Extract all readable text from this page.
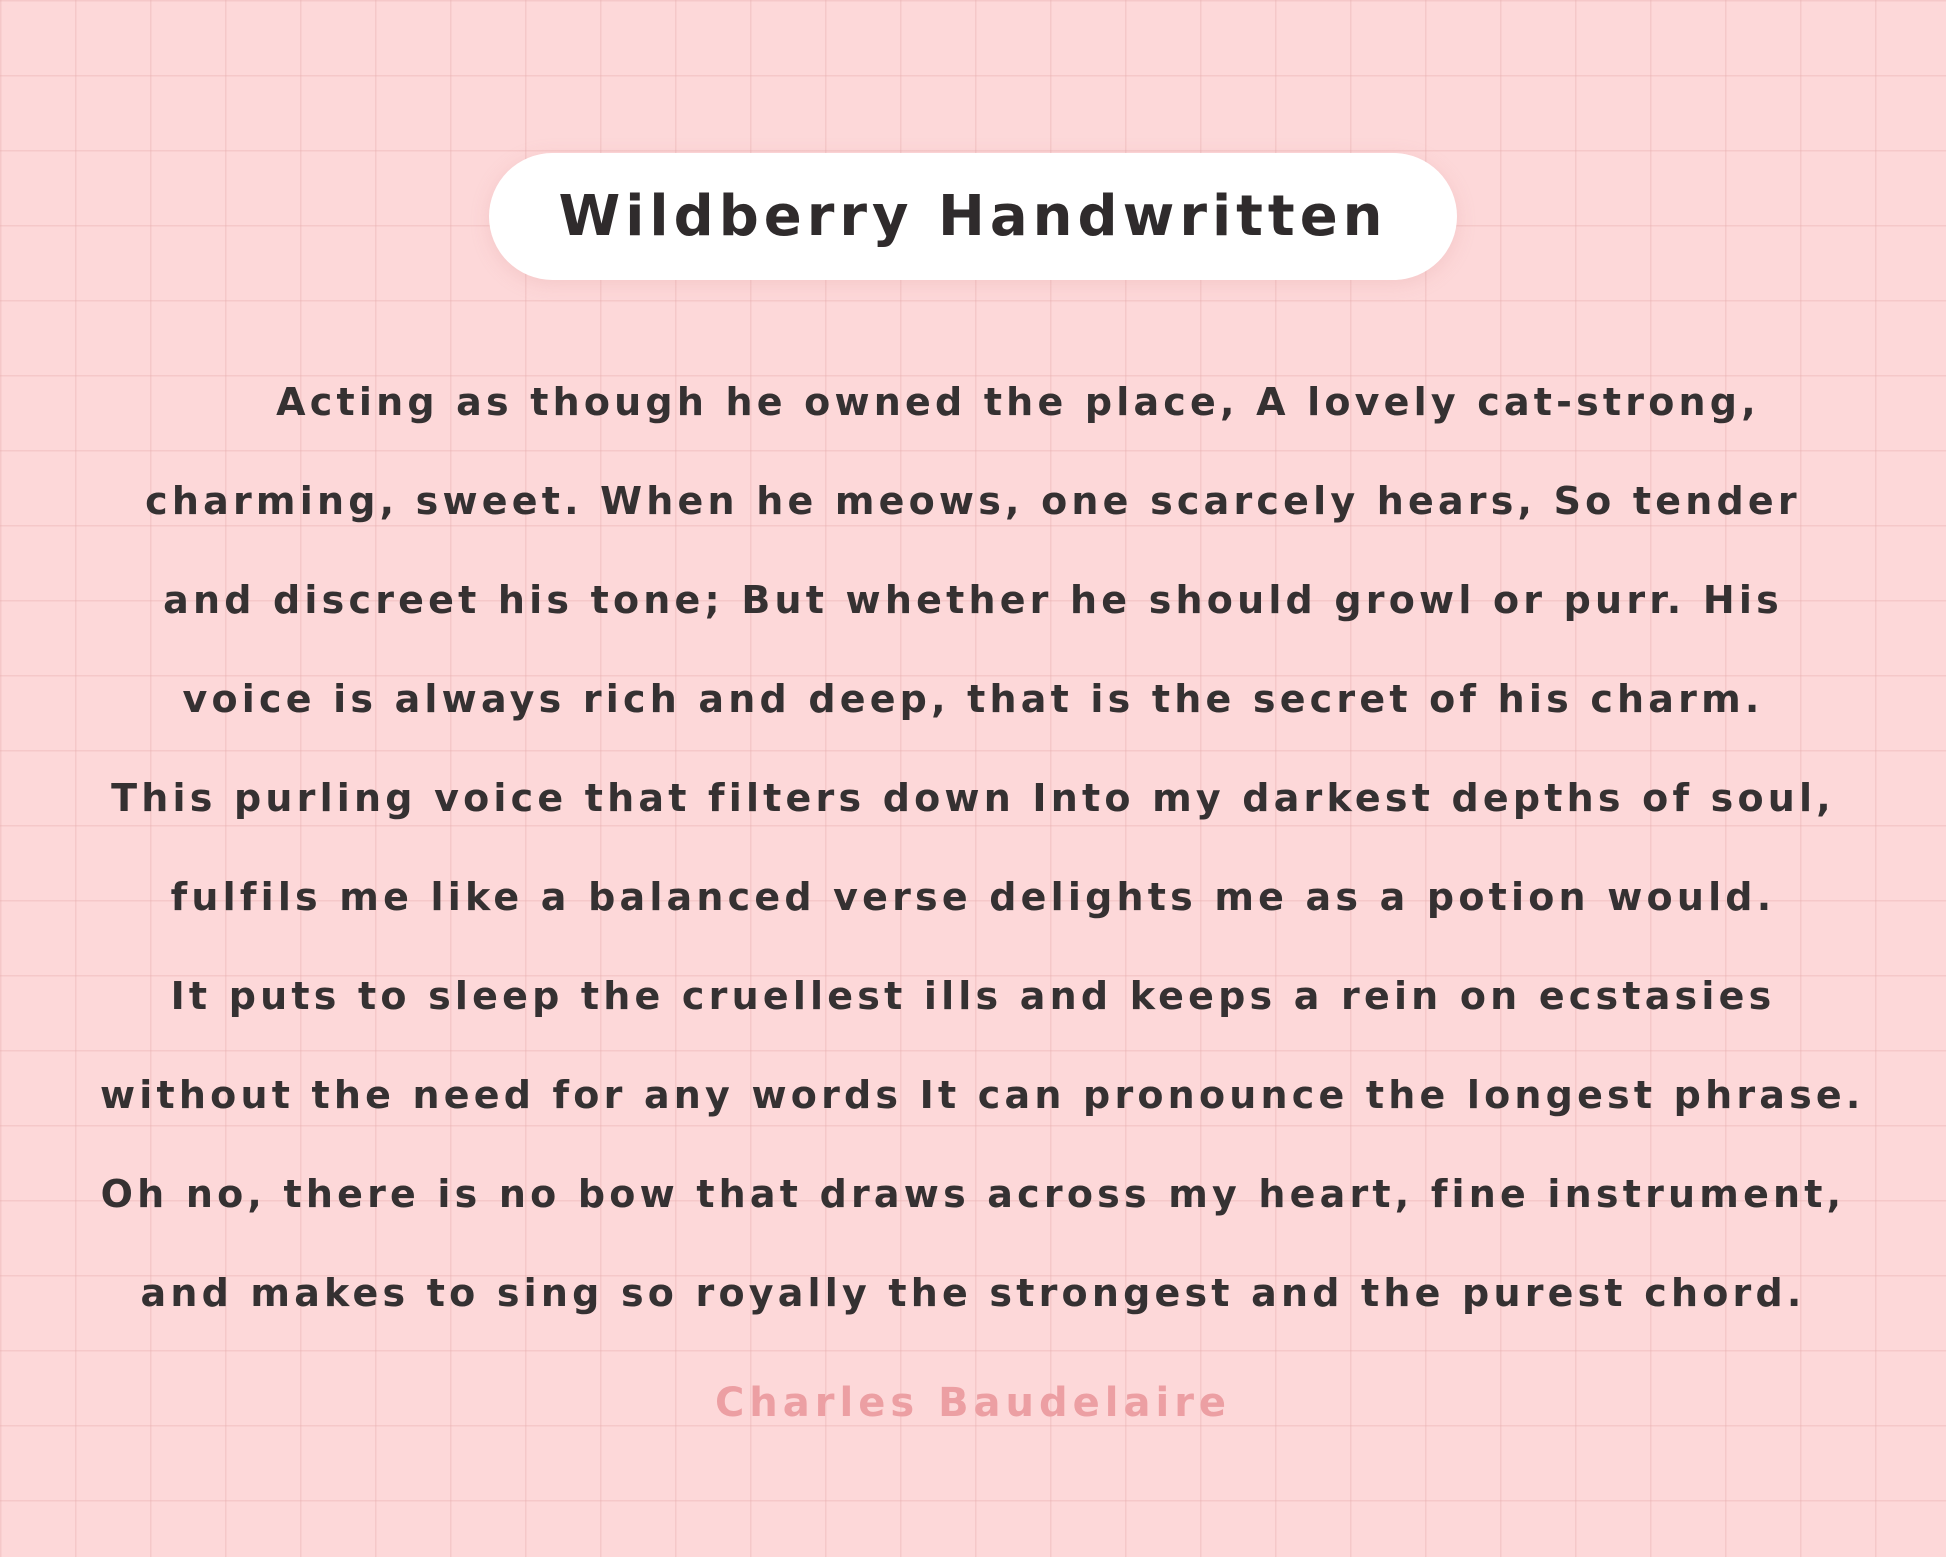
Wildberry Handwritten
Acting as though he owned the place, A lovely cat-strong,
charming, sweet. When he meows, one scarcely hears, So tender
and discreet his tone; But whether he should growl or purr. His
voice is always rich and deep, that is the secret of his charm.
This purling voice that filters down Into my darkest depths of soul,
fulfils me like a balanced verse delights me as a potion would.
It puts to sleep the cruellest ills and keeps a rein on ecstasies
without the need for any words It can pronounce the longest phrase.
Oh no, there is no bow that draws across my heart, fine instrument,
and makes to sing so royally the strongest and the purest chord.
Charles Baudelaire
